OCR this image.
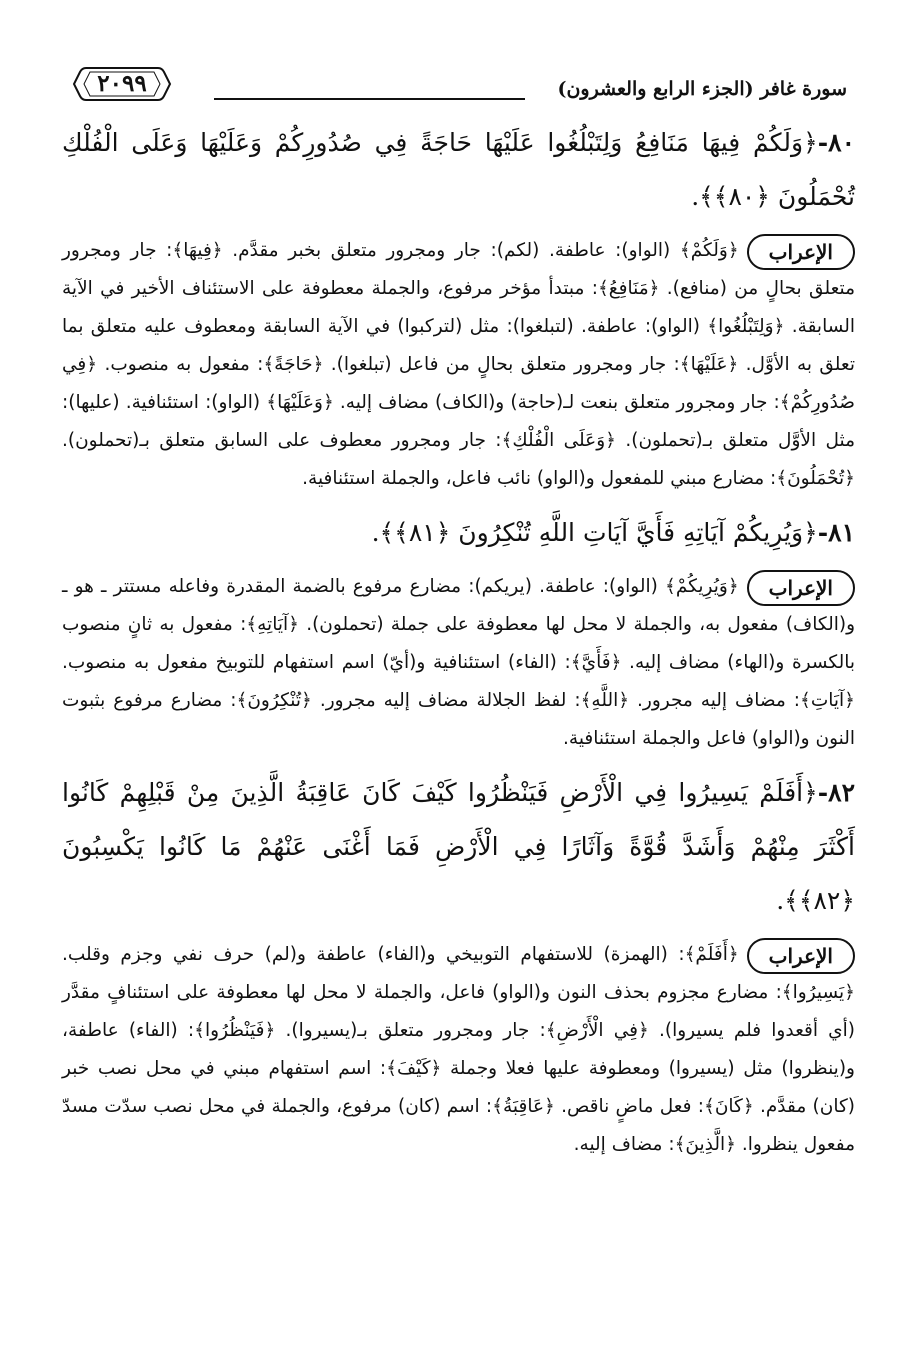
سورة غافر (الجزء الرابع والعشرون)
٢٠٩٩
٨٠-﴿وَلَكُمْ فِيهَا مَنَافِعُ وَلِتَبْلُغُوا عَلَيْهَا حَاجَةً فِي صُدُورِكُمْ وَعَلَيْهَا وَعَلَى الْفُلْكِ تُحْمَلُونَ ﴿٨٠﴾﴾.
الإعراب
﴿وَلَكُمْ﴾ (الواو): عاطفة. (لكم): جار ومجرور متعلق بخبر مقدَّم. ﴿فِيهَا﴾: جار ومجرور متعلق بحالٍ من (منافع). ﴿مَنَافِعُ﴾: مبتدأ مؤخر مرفوع، والجملة معطوفة على الاستئناف الأخير في الآية السابقة. ﴿وَلِتَبْلُغُوا﴾ (الواو): عاطفة. (لتبلغوا): مثل (لتركبوا) في الآية السابقة ومعطوف عليه متعلق بما تعلق به الأوَّل. ﴿عَلَيْهَا﴾: جار ومجرور متعلق بحالٍ من فاعل (تبلغوا). ﴿حَاجَةً﴾: مفعول به منصوب. ﴿فِي صُدُورِكُمْ﴾: جار ومجرور متعلق بنعت لـ(حاجة) و(الكاف) مضاف إليه. ﴿وَعَلَيْهَا﴾ (الواو): استئنافية. (عليها): مثل الأوَّل متعلق بـ(تحملون). ﴿وَعَلَى الْفُلْكِ﴾: جار ومجرور معطوف على السابق متعلق بـ(تحملون). ﴿تُحْمَلُونَ﴾: مضارع مبني للمفعول و(الواو) نائب فاعل، والجملة استئنافية.
٨١-﴿وَيُرِيكُمْ آيَاتِهِ فَأَيَّ آيَاتِ اللَّهِ تُنْكِرُونَ ﴿٨١﴾﴾.
الإعراب
﴿وَيُرِيكُمْ﴾ (الواو): عاطفة. (يريكم): مضارع مرفوع بالضمة المقدرة وفاعله مستتر ـ هو ـ و(الكاف) مفعول به، والجملة لا محل لها معطوفة على جملة (تحملون). ﴿آيَاتِهِ﴾: مفعول به ثانٍ منصوب بالكسرة و(الهاء) مضاف إليه. ﴿فَأَيَّ﴾: (الفاء) استئنافية و(أيّ) اسم استفهام للتوبيخ مفعول به منصوب. ﴿آيَاتِ﴾: مضاف إليه مجرور. ﴿اللَّهِ﴾: لفظ الجلالة مضاف إليه مجرور. ﴿تُنْكِرُونَ﴾: مضارع مرفوع بثبوت النون و(الواو) فاعل والجملة استئنافية.
٨٢-﴿أَفَلَمْ يَسِيرُوا فِي الْأَرْضِ فَيَنْظُرُوا كَيْفَ كَانَ عَاقِبَةُ الَّذِينَ مِنْ قَبْلِهِمْ كَانُوا أَكْثَرَ مِنْهُمْ وَأَشَدَّ قُوَّةً وَآثَارًا فِي الْأَرْضِ فَمَا أَغْنَى عَنْهُمْ مَا كَانُوا يَكْسِبُونَ ﴿٨٢﴾﴾.
الإعراب
﴿أَفَلَمْ﴾: (الهمزة) للاستفهام التوبيخي و(الفاء) عاطفة و(لم) حرف نفي وجزم وقلب. ﴿يَسِيرُوا﴾: مضارع مجزوم بحذف النون و(الواو) فاعل، والجملة لا محل لها معطوفة على استئنافٍ مقدَّر (أي أقعدوا فلم يسيروا). ﴿فِي الْأَرْضِ﴾: جار ومجرور متعلق بـ(يسيروا). ﴿فَيَنْظُرُوا﴾: (الفاء) عاطفة، و(ينظروا) مثل (يسيروا) ومعطوفة عليها فعلا وجملة ﴿كَيْفَ﴾: اسم استفهام مبني في محل نصب خبر (كان) مقدَّم. ﴿كَانَ﴾: فعل ماضٍ ناقص. ﴿عَاقِبَةُ﴾: اسم (كان) مرفوع، والجملة في محل نصب سدّت مسدّ مفعول ينظروا. ﴿الَّذِينَ﴾: مضاف إليه.
